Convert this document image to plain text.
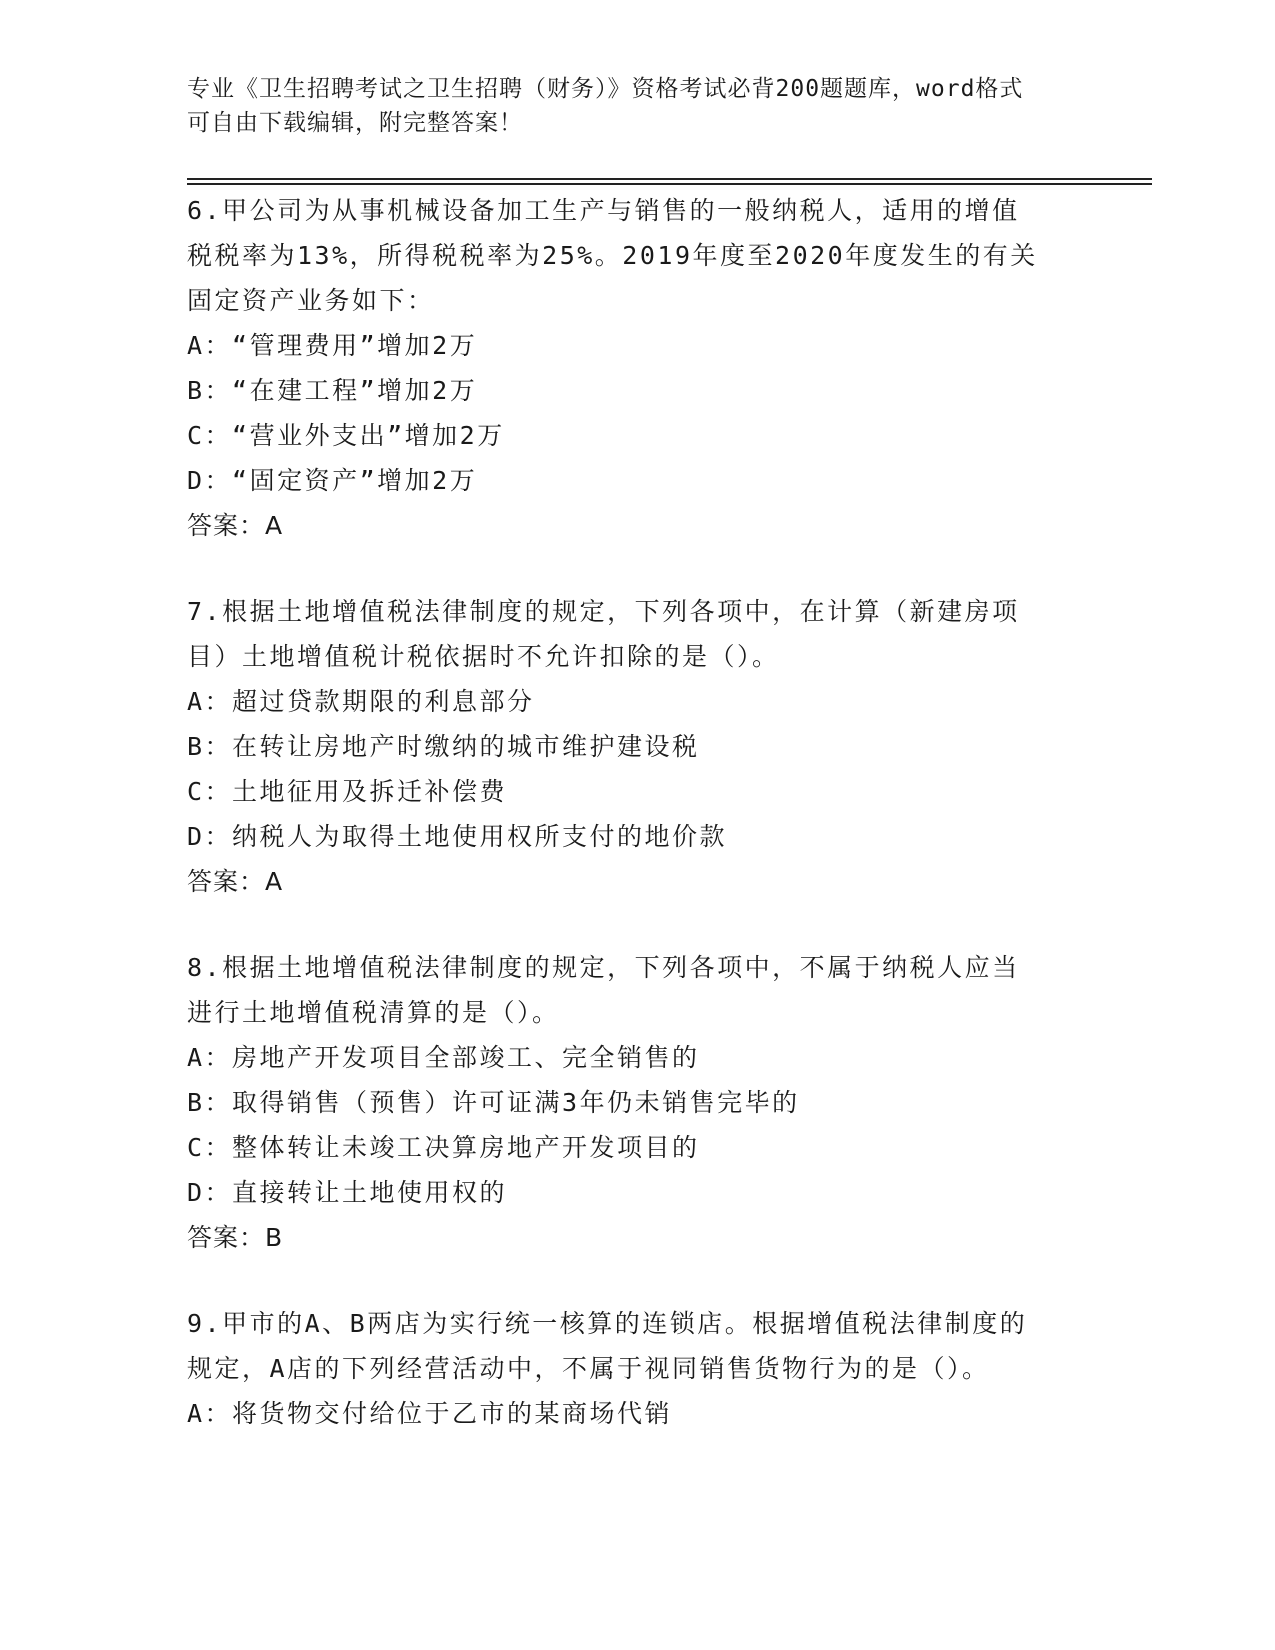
专业《卫生招聘考试之卫生招聘（财务）》资格考试必背200题题库，word格式
可自由下载编辑，附完整答案！
6.甲公司为从事机械设备加工生产与销售的一般纳税人，适用的增值
税税率为13%，所得税税率为25%。2019年度至2020年度发生的有关
固定资产业务如下：
A：“管理费用”增加2万
B：“在建工程”增加2万
C：“营业外支出”增加2万
D：“固定资产”增加2万
答案：A
7.根据土地增值税法律制度的规定，下列各项中，在计算（新建房项
目）土地增值税计税依据时不允许扣除的是（）。
A：超过贷款期限的利息部分
B：在转让房地产时缴纳的城市维护建设税
C：土地征用及拆迁补偿费
D：纳税人为取得土地使用权所支付的地价款
答案：A
8.根据土地增值税法律制度的规定，下列各项中，不属于纳税人应当
进行土地增值税清算的是（）。
A：房地产开发项目全部竣工、完全销售的
B：取得销售（预售）许可证满3年仍未销售完毕的
C：整体转让未竣工决算房地产开发项目的
D：直接转让土地使用权的
答案：B
9.甲市的A、B两店为实行统一核算的连锁店。根据增值税法律制度的
规定，A店的下列经营活动中，不属于视同销售货物行为的是（）。
A：将货物交付给位于乙市的某商场代销
